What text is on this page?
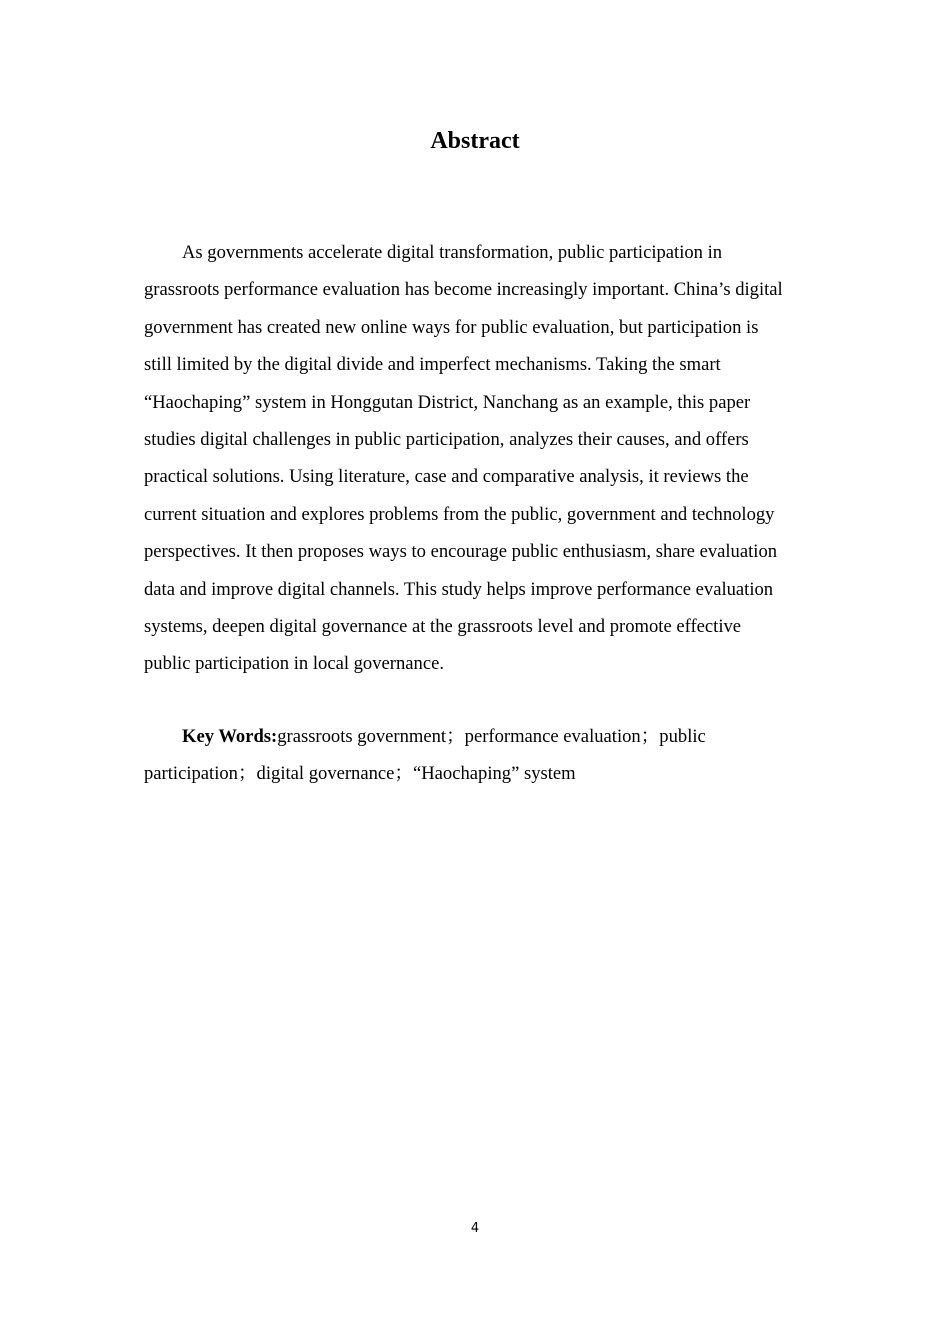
Abstract
As governments accelerate digital transformation, public participation in
grassroots performance evaluation has become increasingly important. China’s digital
government has created new online ways for public evaluation, but participation is
still limited by the digital divide and imperfect mechanisms. Taking the smart
“Haochaping” system in Honggutan District, Nanchang as an example, this paper
studies digital challenges in public participation, analyzes their causes, and offers
practical solutions. Using literature, case and comparative analysis, it reviews the
current situation and explores problems from the public, government and technology
perspectives. It then proposes ways to encourage public enthusiasm, share evaluation
data and improve digital channels. This study helps improve performance evaluation
systems, deepen digital governance at the grassroots level and promote effective
public participation in local governance.
Key Words:grassroots government；performance evaluation；public
participation；digital governance；“Haochaping” system
4
